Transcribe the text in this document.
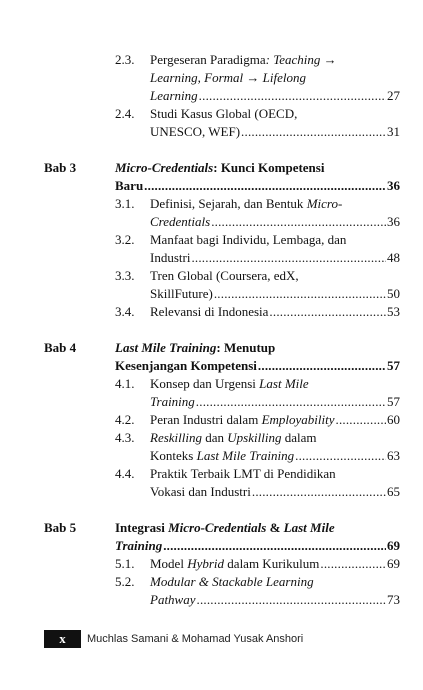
2.3. Pergeseran Paradigma: Teaching →
Learning, Formal → Lifelong
Learning .....	27
2.4. Studi Kasus Global (OECD,
UNESCO, WEF) .....	31
Bab 3	Micro-Credentials: Kunci Kompetensi
Baru .....	36
3.1. Definisi, Sejarah, dan Bentuk Micro-
Credentials .....	36
3.2. Manfaat bagi Individu, Lembaga, dan
Industri .....	48
3.3. Tren Global (Coursera, edX,
SkillFuture) .....	50
3.4. Relevansi di Indonesia .....	53
Bab 4	Last Mile Training: Menutup
Kesenjangan Kompetensi .....	57
4.1. Konsep dan Urgensi Last Mile
Training .....	57
4.2. Peran Industri dalam Employability .....	60
4.3. Reskilling dan Upskilling dalam
Konteks Last Mile Training .....	63
4.4. Praktik Terbaik LMT di Pendidikan
Vokasi dan Industri .....	65
Bab 5	Integrasi Micro-Credentials & Last Mile
Training .....	69
5.1. Model Hybrid dalam Kurikulum .....	69
5.2. Modular & Stackable Learning
Pathway .....	73
x	Muchlas Samani & Mohamad Yusak Anshori
